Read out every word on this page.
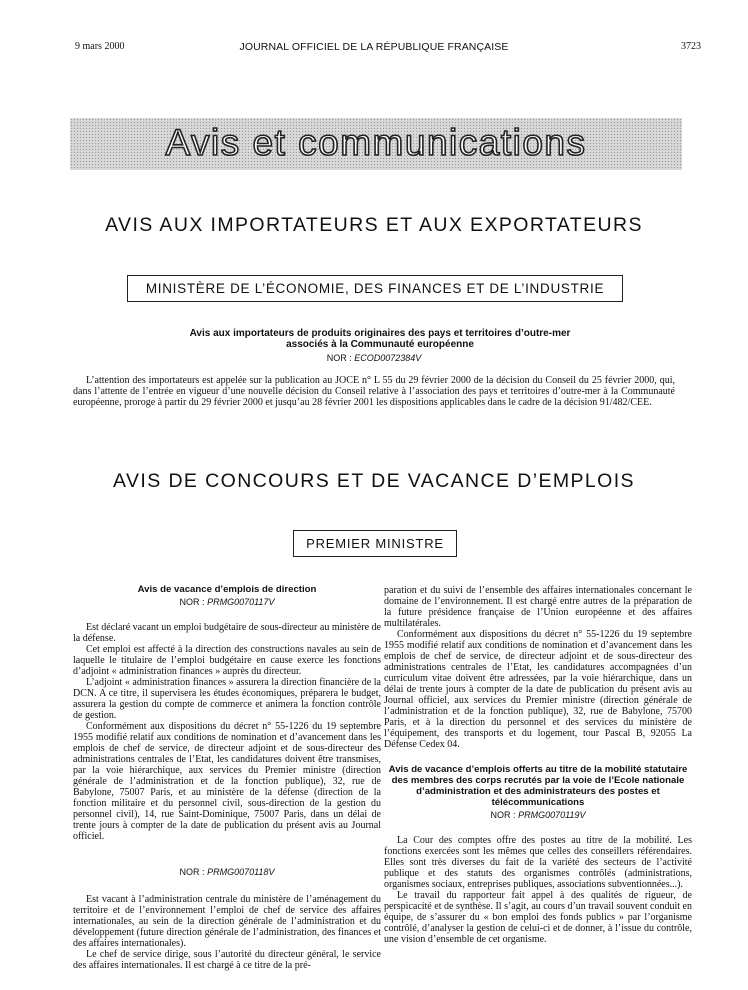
9 mars 2000	JOURNAL OFFICIEL DE LA RÉPUBLIQUE FRANÇAISE	3723
Avis et communications
AVIS AUX IMPORTATEURS ET AUX EXPORTATEURS
MINISTÈRE DE L’ÉCONOMIE, DES FINANCES ET DE L’INDUSTRIE
Avis aux importateurs de produits originaires des pays et territoires d’outre-mer
associés à la Communauté européenne
NOR : ECOD0072384V
L’attention des importateurs est appelée sur la publication au JOCE n° L 55 du 29 février 2000 de la décision du Conseil du 25 février 2000, qui, dans l’attente de l’entrée en vigueur d’une nouvelle décision du Conseil relative à l’association des pays et territoires d’outre-mer à la Communauté européenne, proroge à partir du 29 février 2000 et jusqu’au 28 février 2001 les dispositions applicables dans le cadre de la décision 91/482/CEE.
AVIS DE CONCOURS ET DE VACANCE D’EMPLOIS
PREMIER MINISTRE
Avis de vacance d’emplois de direction
NOR : PRMG0070117V

Est déclaré vacant un emploi budgétaire de sous-directeur au ministère de la défense.

Cet emploi est affecté à la direction des constructions navales au sein de laquelle le titulaire de l’emploi budgétaire en cause exerce les fonctions d’adjoint « administration finances » auprès du directeur.

L’adjoint « administration finances » assurera la direction financière de la DCN. A ce titre, il supervisera les études économiques, préparera le budget, assurera la gestion du compte de commerce et animera la fonction contrôle de gestion.

Conformément aux dispositions du décret n° 55-1226 du 19 septembre 1955 modifié relatif aux conditions de nomination et d’avancement dans les emplois de chef de service, de directeur adjoint et de sous-directeur des administrations centrales de l’Etat, les candidatures doivent être transmises, par la voie hiérarchique, aux services du Premier ministre (direction générale de l’administration et de la fonction publique), 32, rue de Babylone, 75007 Paris, et au ministère de la défense (direction de la fonction militaire et du personnel civil, sous-direction de la gestion du personnel civil), 14, rue Saint-Dominique, 75007 Paris, dans un délai de trente jours à compter de la date de publication du présent avis au Journal officiel.

NOR : PRMG0070118V

Est vacant à l’administration centrale du ministère de l’aménagement du territoire et de l’environnement l’emploi de chef de service des affaires internationales, au sein de la direction générale de l’administration et du développement (future direction générale de l’administration, des finances et des affaires internationales).

Le chef de service dirige, sous l’autorité du directeur général, le service des affaires internationales. Il est chargé à ce titre de la pré-

paration et du suivi de l’ensemble des affaires internationales concernant le domaine de l’environnement. Il est chargé entre autres de la préparation de la future présidence française de l’Union européenne et des affaires multilatérales.

Conformément aux dispositions du décret n° 55-1226 du 19 septembre 1955 modifié relatif aux conditions de nomination et d’avancement dans les emplois de chef de service, de directeur adjoint et de sous-directeur des administrations centrales de l’Etat, les candidatures accompagnées d’un curriculum vitae doivent être adressées, par la voie hiérarchique, dans un délai de trente jours à compter de la date de publication du présent avis au Journal officiel, aux services du Premier ministre (direction générale de l’administration et de la fonction publique), 32, rue de Babylone, 75700 Paris, et à la direction du personnel et des services du ministère de l’équipement, des transports et du logement, tour Pascal B, 92055 La Défense Cedex 04.

Avis de vacance d’emplois offerts au titre de la mobilité statutaire des membres des corps recrutés par la voie de l’Ecole nationale d’administration et des administrateurs des postes et télécommunications
NOR : PRMG0070119V

La Cour des comptes offre des postes au titre de la mobilité. Les fonctions exercées sont les mêmes que celles des conseillers référendaires. Elles sont très diverses du fait de la variété des secteurs de l’activité publique et des statuts des organismes contrôlés (administrations, organismes sociaux, entreprises publiques, associations subventionnées...).

Le travail du rapporteur fait appel à des qualités de rigueur, de perspicacité et de synthèse. Il s’agit, au cours d’un travail souvent conduit en équipe, de s’assurer du « bon emploi des fonds publics » par l’organisme contrôlé, d’analyser la gestion de celui-ci et de donner, à l’issue du contrôle, une vision d’ensemble de cet organisme.
